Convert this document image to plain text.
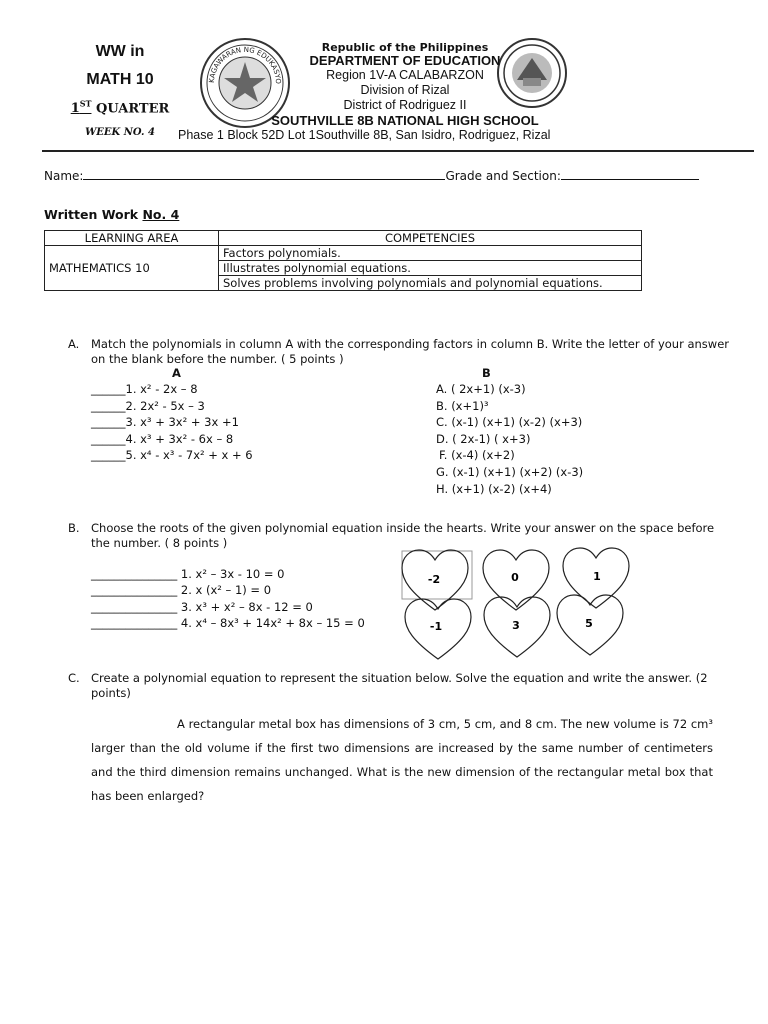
WW in
MATH 10
1ST QUARTER
WEEK NO. 4
KAGAWARAN NG EDUKASYO
Republic of the Philippines
DEPARTMENT OF EDUCATION
Region 1V-A CALABARZON
Division of Rizal
District of Rodriguez II
SOUTHVILLE 8B NATIONAL HIGH SCHOOL
Phase 1 Block 52D Lot 1Southville 8B, San Isidro, Rodriguez, Rizal
Name:	Grade and Section:
Written Work No. 4
LEARNING AREA	COMPETENCIES
MATHEMATICS 10	Factors polynomials.
	Illustrates polynomial equations.
	Solves problems involving polynomials and polynomial equations.
A. Match the polynomials in column A with the corresponding factors in column B. Write the letter of your answer on the blank before the number. ( 5 points )
A	B
______1. x² - 2x – 8
______2. 2x² - 5x – 3
______3. x³ + 3x² + 3x +1
______4. x³ + 3x² - 6x – 8
______5. x⁴ - x³ - 7x² + x + 6
A. ( 2x+1) (x-3)
B. (x+1)³
C. (x-1) (x+1) (x-2) (x+3)
D. ( 2x-1) ( x+3)
F. (x-4) (x+2)
G. (x-1) (x+1) (x+2) (x-3)
H. (x+1) (x-2) (x+4)
B. Choose the roots of the given polynomial equation inside the hearts. Write your answer on the space before the number. ( 8 points )
_______________ 1. x² – 3x - 10 = 0
_______________ 2. x (x² – 1) = 0
_______________ 3. x³ + x² – 8x - 12 = 0
_______________ 4. x⁴ – 8x³ + 14x² + 8x – 15 = 0
-2	0	1
-1	3	5
C. Create a polynomial equation to represent the situation below. Solve the equation and write the answer. (2 points)
A rectangular metal box has dimensions of 3 cm, 5 cm, and 8 cm. The new volume is 72 cm³ larger than the old volume if the first two dimensions are increased by the same number of centimeters and the third dimension remains unchanged. What is the new dimension of the rectangular metal box that has been enlarged?
